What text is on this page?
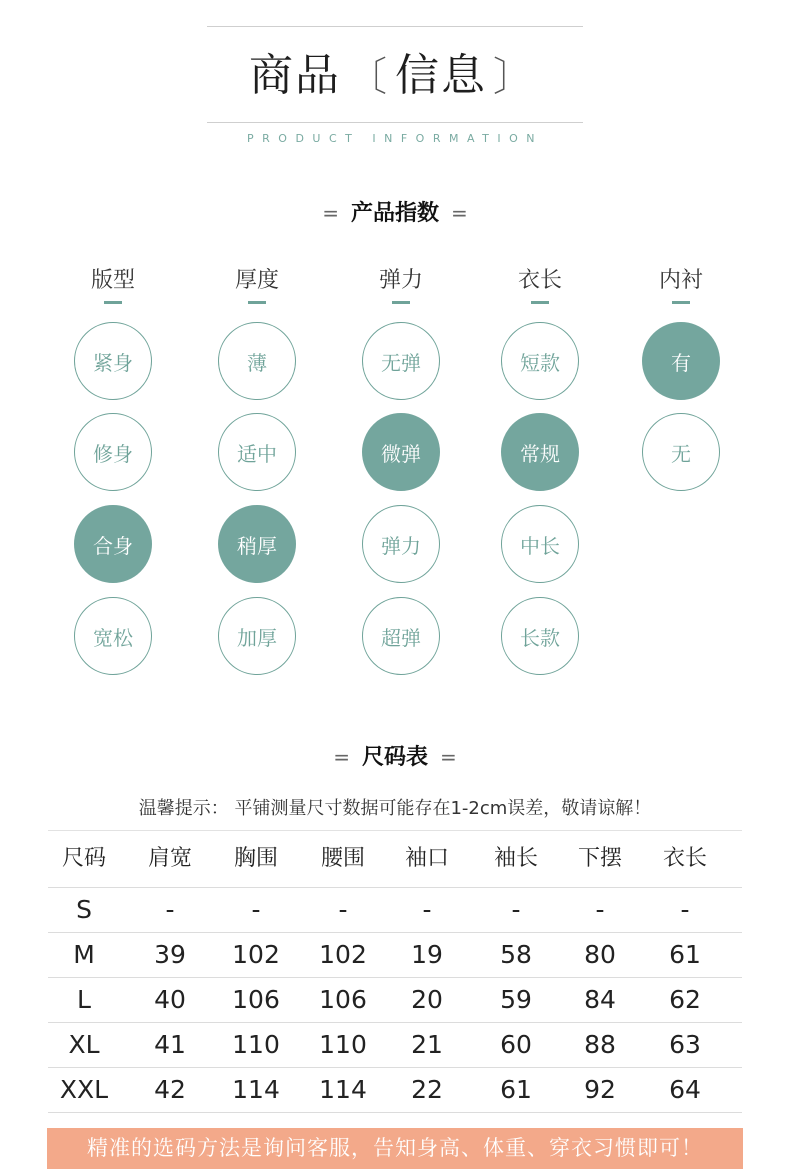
商品 〔 信息 〕
PRODUCT INFORMATION
= 产品指数 =
版型
紧身
修身
合身
宽松
厚度
薄
适中
稍厚
加厚
弹力
无弹
微弹
弹力
超弹
衣长
短款
常规
中长
长款
内衬
有
无
= 尺码表 =
温馨提示： 平铺测量尺寸数据可能存在1-2cm误差，敬请谅解！
尺码	肩宽	胸围	腰围	袖口	袖长	下摆	衣长
S	-	-	-	-	-	-	-
M	39	102	102	19	58	80	61
L	40	106	106	20	59	84	62
XL	41	110	110	21	60	88	63
XXL	42	114	114	22	61	92	64
精准的选码方法是询问客服，告知身高、体重、穿衣习惯即可！
